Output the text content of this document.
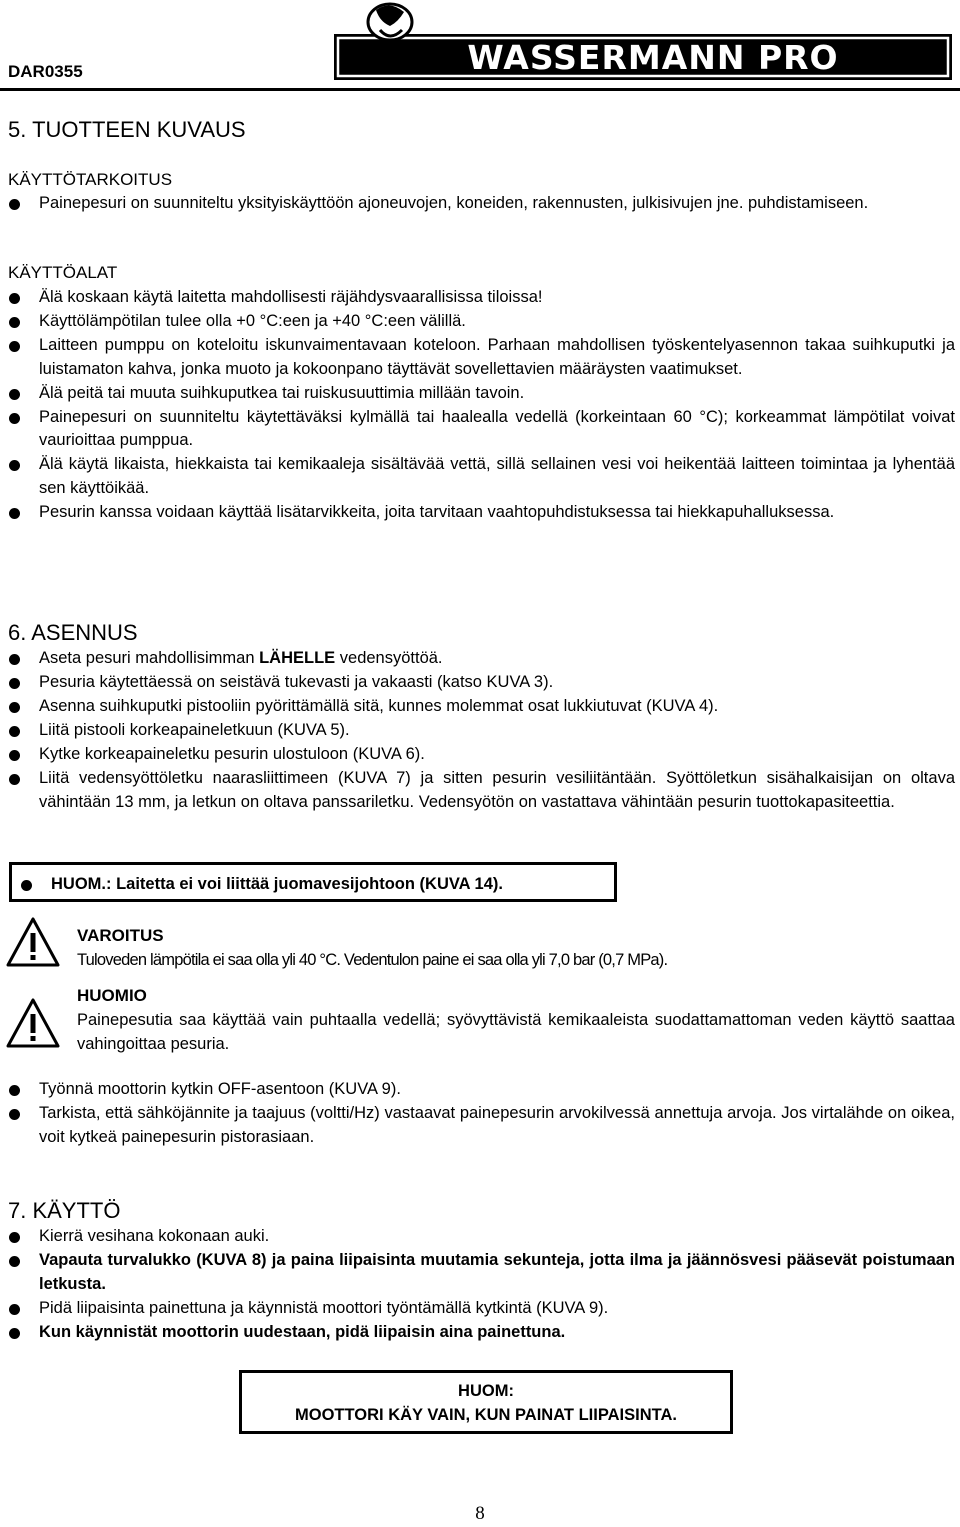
DAR0355	WASSERMANN PRO
5. TUOTTEEN KUVAUS
KÄYTTÖTARKOITUS
Painepesuri on suunniteltu yksityiskäyttöön ajoneuvojen, koneiden, rakennusten, julkisivujen jne. puhdistamiseen.
KÄYTTÖALAT
Älä koskaan käytä laitetta mahdollisesti räjähdysvaarallisissa tiloissa!
Käyttölämpötilan tulee olla +0 °C:een ja +40 °C:een välillä.
Laitteen pumppu on koteloitu iskunvaimentavaan koteloon. Parhaan mahdollisen työskentelyasennon takaa suihkuputki ja luistamaton kahva, jonka muoto ja kokoonpano täyttävät sovellettavien määräysten vaatimukset.
Älä peitä tai muuta suihkuputkea tai ruiskusuuttimia millään tavoin.
Painepesuri on suunniteltu käytettäväksi kylmällä tai haalealla vedellä (korkeintaan 60 °C); korkeammat lämpötilat voivat vaurioittaa pumppua.
Älä käytä likaista, hiekkaista tai kemikaaleja sisältävää vettä, sillä sellainen vesi voi heikentää laitteen toimintaa ja lyhentää sen käyttöikää.
Pesurin kanssa voidaan käyttää lisätarvikkeita, joita tarvitaan vaahtopuhdistuksessa tai hiekkapuhalluksessa.
6. ASENNUS
Aseta pesuri mahdollisimman LÄHELLE vedensyöttöä.
Pesuria käytettäessä on seistävä tukevasti ja vakaasti (katso KUVA 3).
Asenna suihkuputki pistooliin pyörittämällä sitä, kunnes molemmat osat lukkiutuvat (KUVA 4).
Liitä pistooli korkeapaineletkuun (KUVA 5).
Kytke korkeapaineletku pesurin ulostuloon (KUVA 6).
Liitä vedensyöttöletku naarasliittimeen (KUVA 7) ja sitten pesurin vesiliitäntään. Syöttöletkun sisähalkaisijan on oltava vähintään 13 mm, ja letkun on oltava panssariletku. Vedensyötön on vastattava vähintään pesurin tuottokapasiteettia.
HUOM.: Laitetta ei voi liittää juomavesijohtoon (KUVA 14).
VAROITUS
Tuloveden lämpötila ei saa olla yli 40 °C. Vedentulon paine ei saa olla yli 7,0 bar (0,7 MPa).
HUOMIO
Painepesutia saa käyttää vain puhtaalla vedellä; syövyttävistä kemikaaleista suodattamattoman veden käyttö saattaa vahingoittaa pesuria.
Työnnä moottorin kytkin OFF-asentoon (KUVA 9).
Tarkista, että sähköjännite ja taajuus (voltti/Hz) vastaavat painepesurin arvokilvessä annettuja arvoja. Jos virtalähde on oikea, voit kytkeä painepesurin pistorasiaan.
7. KÄYTTÖ
Kierrä vesihana kokonaan auki.
Vapauta turvalukko (KUVA 8) ja paina liipaisinta muutamia sekunteja, jotta ilma ja jäännösvesi pääsevät poistumaan letkusta.
Pidä liipaisinta painettuna ja käynnistä moottori työntämällä kytkintä (KUVA 9).
Kun käynnistät moottorin uudestaan, pidä liipaisin aina painettuna.
HUOM:
MOOTTORI KÄY VAIN, KUN PAINAT LIIPAISINTA.
8
